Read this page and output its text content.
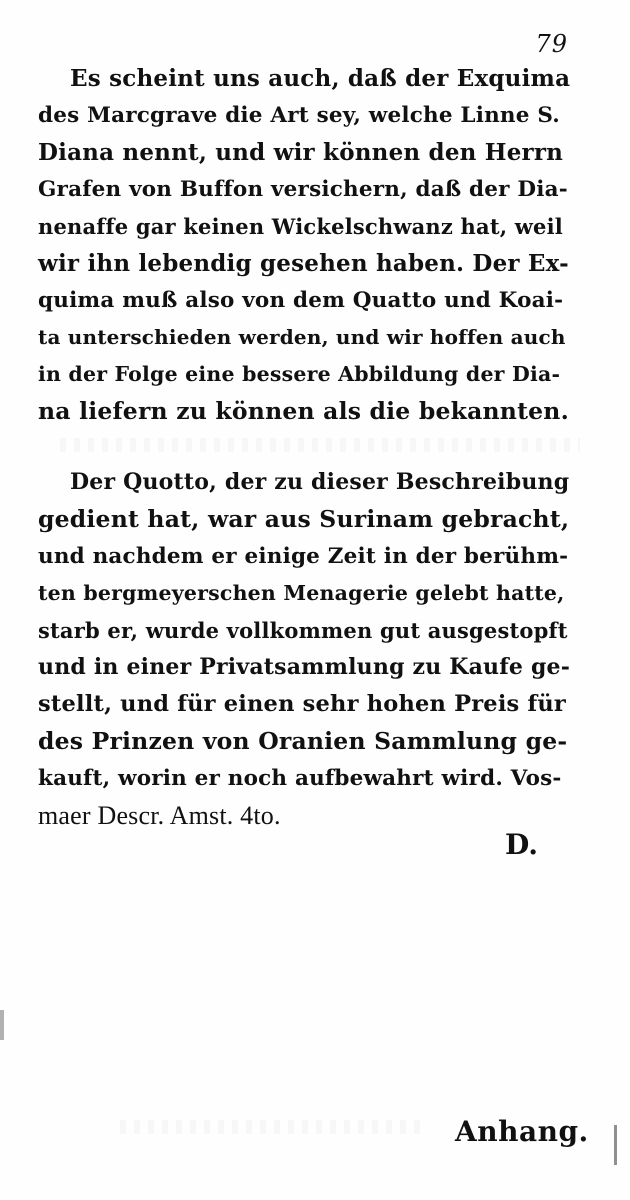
79
Es scheint uns auch, daß der Exquima
des Marcgrave die Art sey, welche Linne S.
Diana nennt, und wir können den Herrn
Grafen von Buffon versichern, daß der Dia-
nenaffe gar keinen Wickelschwanz hat, weil
wir ihn lebendig gesehen haben. Der Ex-
quima muß also von dem Quatto und Koai-
ta unterschieden werden, und wir hoffen auch
in der Folge eine bessere Abbildung der Dia-
na liefern zu können als die bekannten.
Der Quotto, der zu dieser Beschreibung
gedient hat, war aus Surinam gebracht,
und nachdem er einige Zeit in der berühm-
ten bergmeyerschen Menagerie gelebt hatte,
starb er, wurde vollkommen gut ausgestopft
und in einer Privatsammlung zu Kaufe ge-
stellt, und für einen sehr hohen Preis für
des Prinzen von Oranien Sammlung ge-
kauft, worin er noch aufbewahrt wird. Vos-
maer Descr. Amst. 4to.
D.
Anhang.
